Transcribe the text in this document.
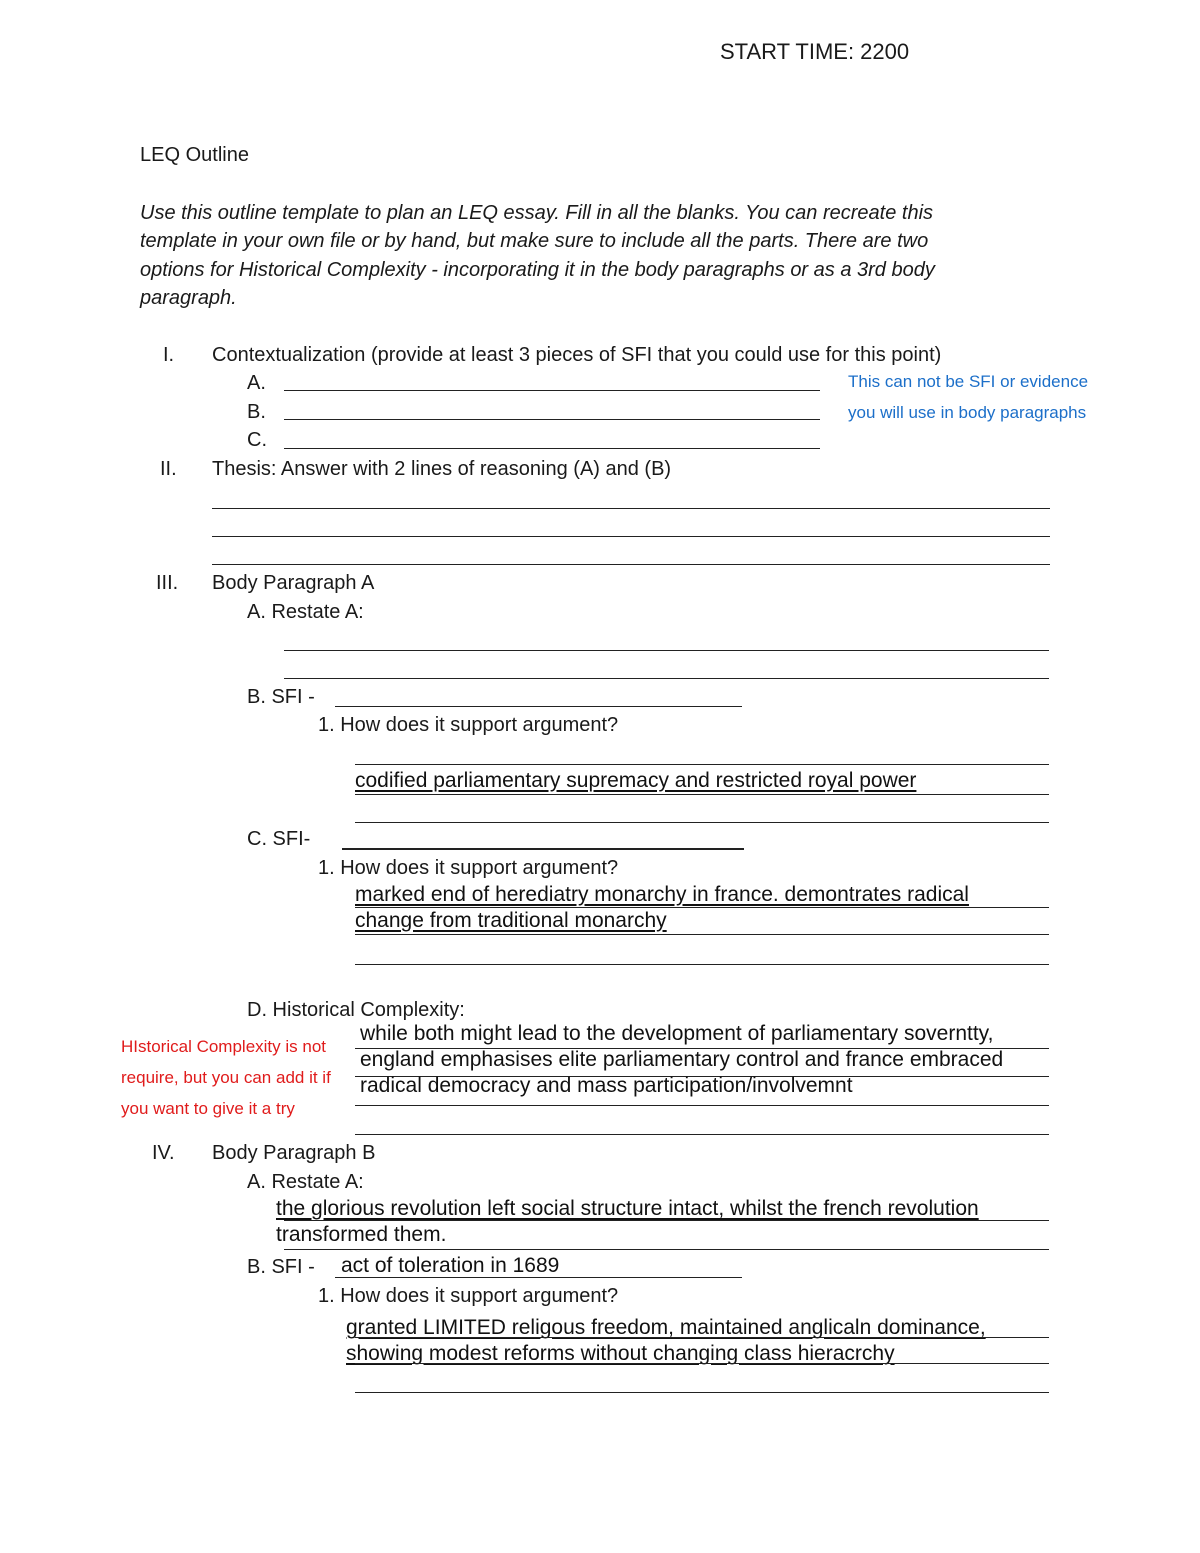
START TIME: 2200
LEQ Outline
Use this outline template to plan an LEQ essay. Fill in all the blanks. You can recreate this
template in your own file or by hand, but make sure to include all the parts. There are two
options for Historical Complexity - incorporating it in the body paragraphs or as a 3rd body
paragraph.
I. Contextualization (provide at least 3 pieces of SFI that you could use for this point)
A.
B.
C.
This can not be SFI or evidence
you will use in body paragraphs
II. Thesis: Answer with 2 lines of reasoning (A) and (B)
III. Body Paragraph A
A. Restate A:
B. SFI -
1. How does it support argument?
codified parliamentary supremacy and restricted royal power
C. SFI-
1. How does it support argument?
marked end of herediatry monarchy in france. demontrates radical
change from traditional monarchy
D. Historical Complexity:
while both might lead to the development of parliamentary soverntty,
england emphasises elite parliamentary control and france embraced
radical democracy and mass participation/involvemnt
HIstorical Complexity is not
require, but you can add it if
you want to give it a try
IV. Body Paragraph B
A. Restate A:
the glorious revolution left social structure intact, whilst the french revolution
transformed them.
B. SFI - act of toleration in 1689
1. How does it support argument?
granted LIMITED religous freedom, maintained anglicaln dominance,
showing modest reforms without changing class hieracrchy
